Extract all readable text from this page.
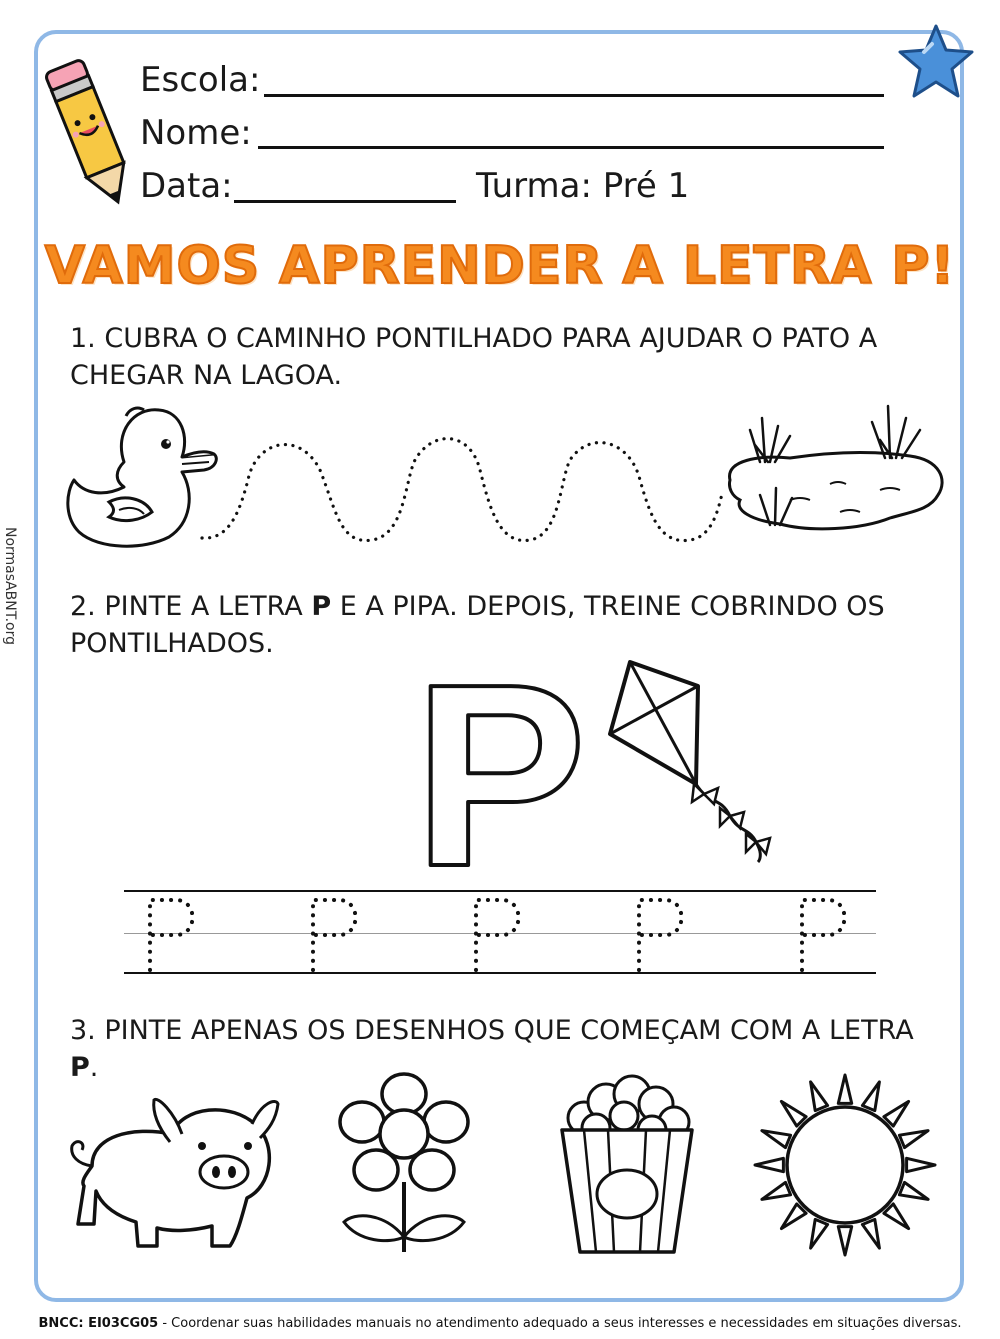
Escola:
Nome:
Data:	Turma: Pré 1
VAMOS APRENDER A LETRA P!
1. CUBRA O CAMINHO PONTILHADO PARA AJUDAR O PATO A CHEGAR NA LAGOA.
2. PINTE A LETRA P E A PIPA. DEPOIS, TREINE COBRINDO OS PONTILHADOS. P
3. PINTE APENAS OS DESENHOS QUE COMEÇAM COM A LETRA P.
NormasABNT.org
BNCC: EI03CG05 - Coordenar suas habilidades manuais no atendimento adequado a seus interesses e necessidades em situações diversas.
